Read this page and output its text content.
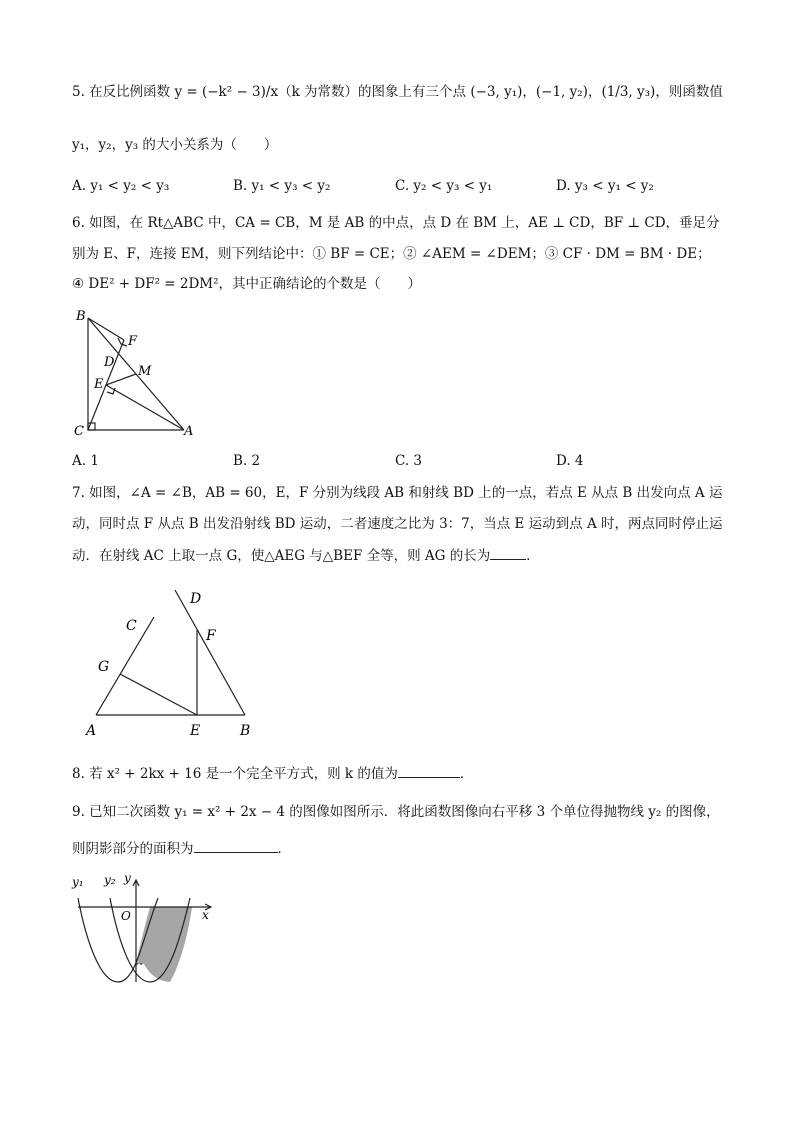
5. 在反比例函数 y = (−k² − 3)/x（k 为常数）的图象上有三个点 (−3, y₁)，(−1, y₂)，(1/3, y₃)，则函数值
y₁，y₂，y₃ 的大小关系为（　　）
A. y₁ < y₂ < y₃	B. y₁ < y₃ < y₂	C. y₂ < y₃ < y₁	D. y₃ < y₁ < y₂
6. 如图，在 Rt△ABC 中，CA = CB，M 是 AB 的中点，点 D 在 BM 上，AE ⊥ CD，BF ⊥ CD，垂足分
别为 E、F，连接 EM，则下列结论中：① BF = CE；② ∠AEM = ∠DEM；③ CF · DM = BM · DE；
④ DE² + DF² = 2DM²，其中正确结论的个数是（　　）
B
F
D
M
E
C	A
A. 1	B. 2	C. 3	D. 4
7. 如图，∠A = ∠B，AB = 60，E，F 分别为线段 AB 和射线 BD 上的一点，若点 E 从点 B 出发向点 A 运
动，同时点 F 从点 B 出发沿射线 BD 运动，二者速度之比为 3：7，当点 E 运动到点 A 时，两点同时停止运
动．在射线 AC 上取一点 G，使△AEG 与△BEF 全等，则 AG 的长为	．
D
C
F
G
A	E	B
8. 若 x² + 2kx + 16 是一个完全平方式，则 k 的值为	．
9. 已知二次函数 y₁ = x² + 2x − 4 的图像如图所示．将此函数图像向右平移 3 个单位得抛物线 y₂ 的图像，
则阴影部分的面积为	．
y₁ y₂ y
x
O
